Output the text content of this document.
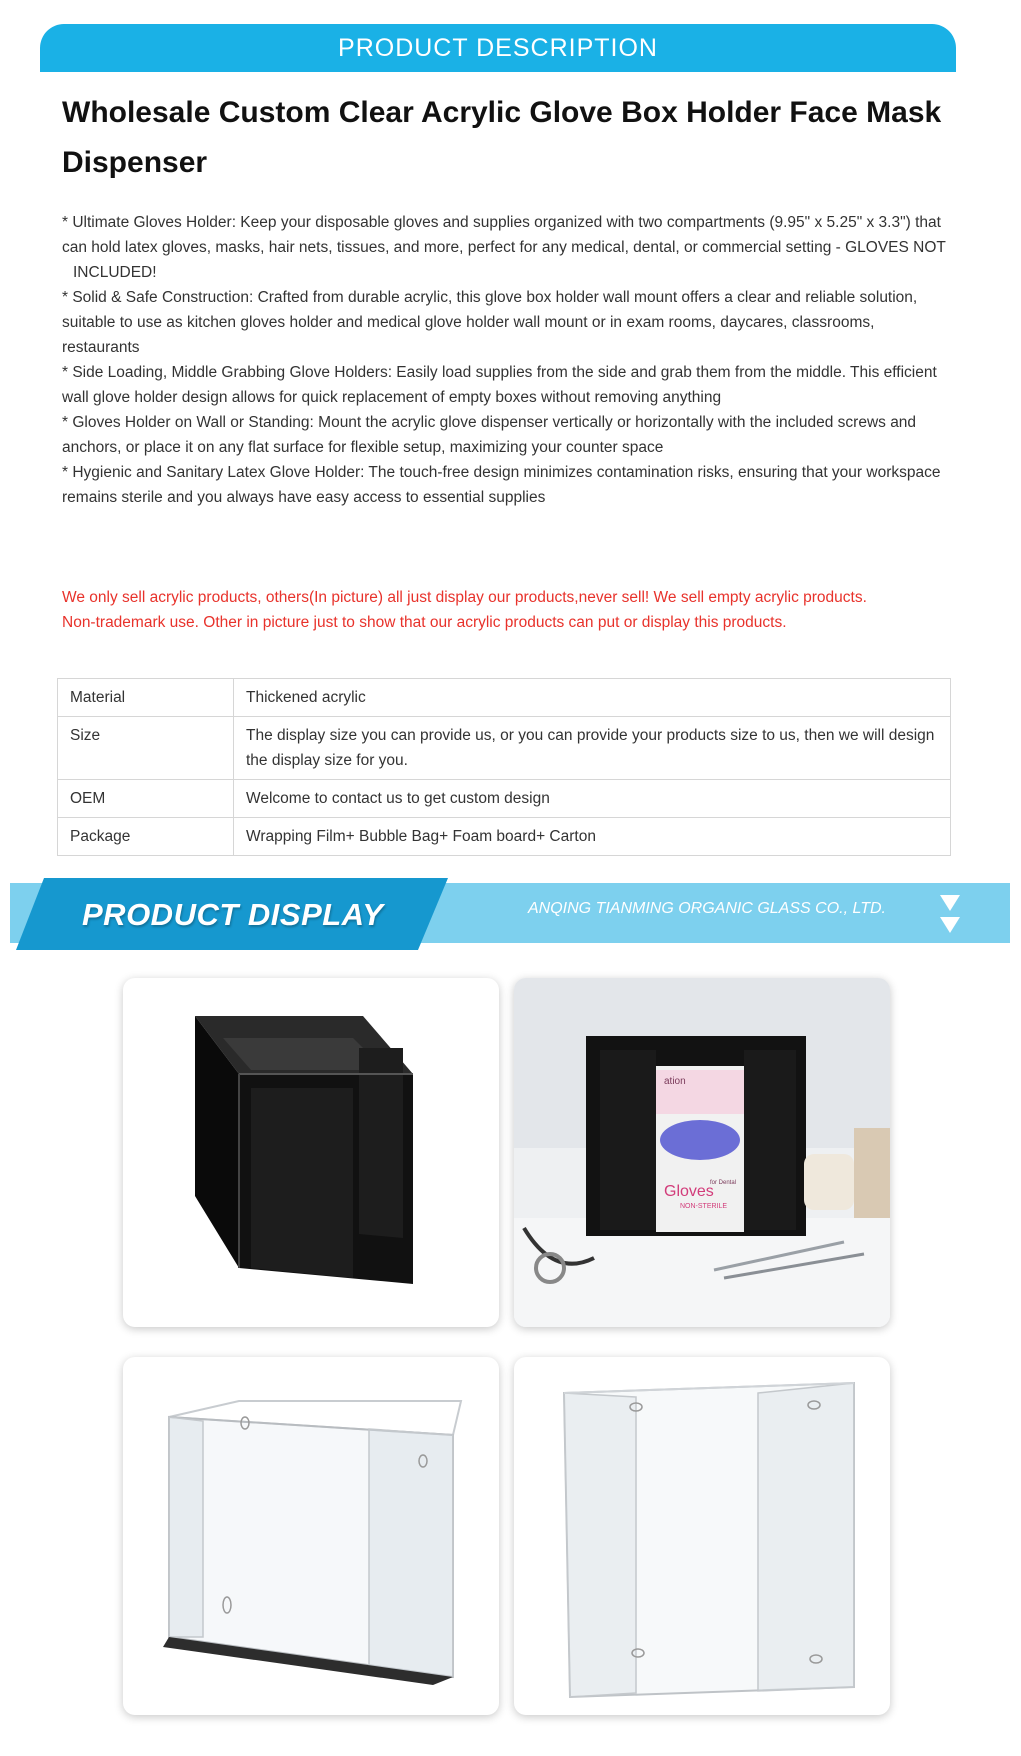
PRODUCT DESCRIPTION
Wholesale Custom Clear Acrylic Glove Box Holder Face Mask Dispenser

* Ultimate Gloves Holder: Keep your disposable gloves and supplies organized with two compartments (9.95" x 5.25" x 3.3") that can hold latex gloves, masks, hair nets, tissues, and more, perfect for any medical, dental, or commercial setting - GLOVES NOT

INCLUDED!

* Solid & Safe Construction: Crafted from durable acrylic, this glove box holder wall mount offers a clear and reliable solution, suitable to use as kitchen gloves holder and medical glove holder wall mount or in exam rooms, daycares, classrooms, restaurants

* Side Loading, Middle Grabbing Glove Holders: Easily load supplies from the side and grab them from the middle. This efficient wall glove holder design allows for quick replacement of empty boxes without removing anything

* Gloves Holder on Wall or Standing: Mount the acrylic glove dispenser vertically or horizontally with the included screws and anchors, or place it on any flat surface for flexible setup, maximizing your counter space

* Hygienic and Sanitary Latex Glove Holder: The touch-free design minimizes contamination risks, ensuring that your workspace remains sterile and you always have easy access to essential supplies

We only sell acrylic products, others(In picture) all just display our products,never sell! We sell empty acrylic products.

Non-trademark use. Other in picture just to show that our acrylic products can put or display this products.

Material	Thickened acrylic
Size	The display size you can provide us, or you can provide your products size to us, then we will design the display size for you.
OEM	Welcome to contact us to get custom design
Package	Wrapping Film+ Bubble Bag+ Foam board+ Carton
PRODUCT DISPLAY	ANQING TIANMING ORGANIC GLASS CO., LTD.
Gloves
ation
for Dental
NON-STERILE
